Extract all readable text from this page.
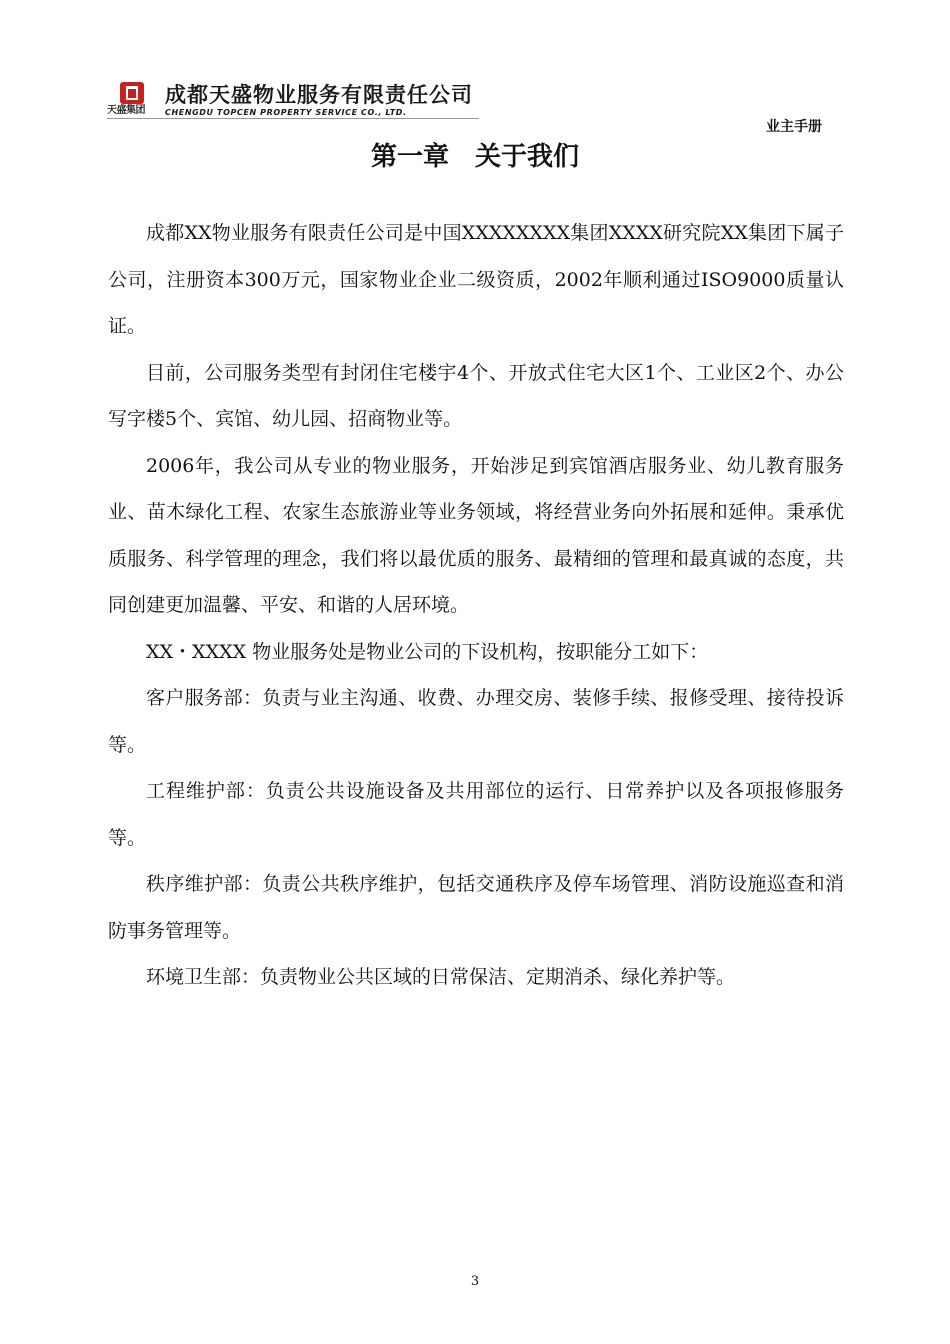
天盛集团
成都天盛物业服务有限责任公司
CHENGDU TOPCEN PROPERTY SERVICE CO., LTD.
业主手册
第一章　关于我们

成都XX物业服务有限责任公司是中国XXXXXXXX集团XXXX研究院XX集团下属子公司，注册资本300万元，国家物业企业二级资质，2002年顺利通过ISO9000质量认证。

目前，公司服务类型有封闭住宅楼宇4个、开放式住宅大区1个、工业区2个、办公写字楼5个、宾馆、幼儿园、招商物业等。

2006年，我公司从专业的物业服务，开始涉足到宾馆酒店服务业、幼儿教育服务业、苗木绿化工程、农家生态旅游业等业务领域，将经营业务向外拓展和延伸。秉承优质服务、科学管理的理念，我们将以最优质的服务、最精细的管理和最真诚的态度，共同创建更加温馨、平安、和谐的人居环境。

XX・XXXX 物业服务处是物业公司的下设机构，按职能分工如下：

客户服务部：负责与业主沟通、收费、办理交房、装修手续、报修受理、接待投诉等。

工程维护部：负责公共设施设备及共用部位的运行、日常养护以及各项报修服务等。

秩序维护部：负责公共秩序维护，包括交通秩序及停车场管理、消防设施巡查和消防事务管理等。

环境卫生部：负责物业公共区域的日常保洁、定期消杀、绿化养护等。

3
